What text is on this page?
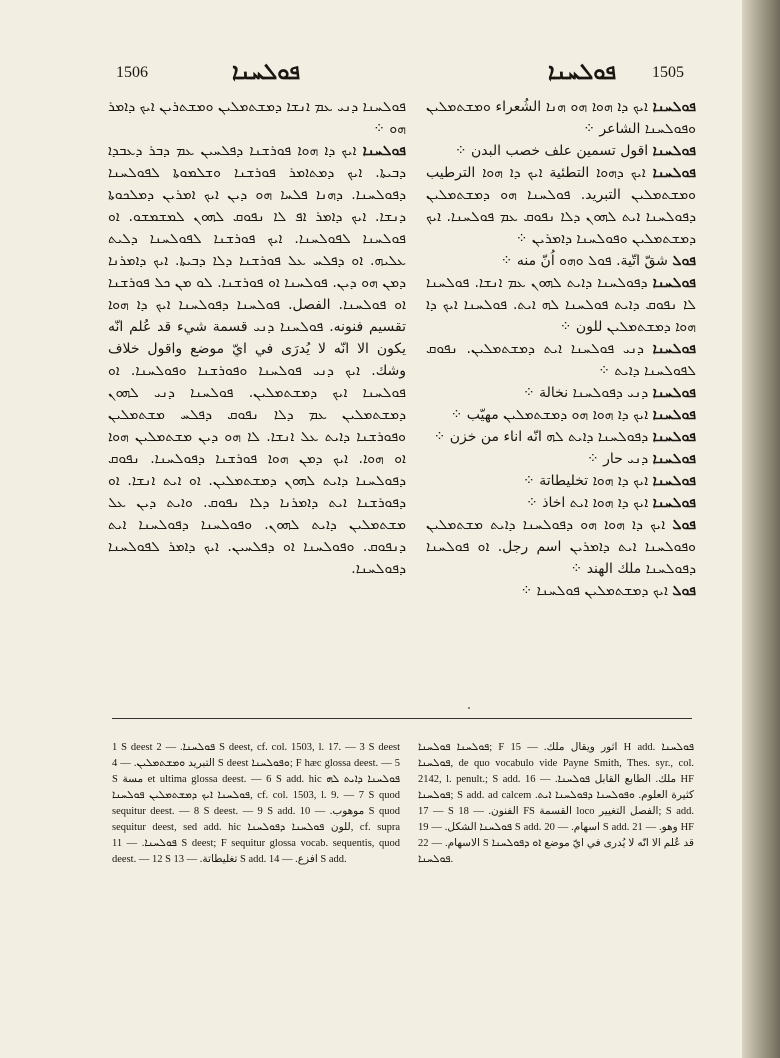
1506	ܦܘܠܚܢܐ	ܦܘܠܚܢܐ 1505

ܦܘܠܚܢܐ ܕܢܝ ܥܡ ܐܢܫܐ ܕܡܫܬܡܠܝܢ ܘܡܫܬܪܝܢ ܐܝܟ ܕܐܡܪ ܗܘ ⁘

ܦܘܠܚܢܐ ܐܝܟ ܕܐ ܗܘܐ ܦܘܪܫܢܐ ܕܦܠܚܝܢ ܥܡ ܕܒܪ ܕܥܒܕܐ ܕܒܝܬܐ. ܐܝܟ ܕܡܬܐܡܪ ܦܘܪܫܢܐ ܘܫܠܡܘܬܐ ܠܦܘܠܚܢܐ ܕܦܘܠܚܢܐ. ܕܗܢܐ ܦܠܚܐ ܗܘ ܕܝܢ ܐܝܟ ܐܡܪܝܢ ܕܡܠܟܘܬܐ ܕܢܫܐ. ܐܝܟ ܕܐܡܪ ܐܦ ܠܐ ܢܦܘܩ ܠܗܘܢ ܠܡܫܡܫܘ. ܐܘ ܦܘܠܚܢܐ ܠܦܘܠܚܢܐ. ܐܝܟ ܦܘܪܫܢܐ ܠܦܘܠܚܢܐ ܕܠܝܬ ܥܠܝܗ. ܐܘ ܕܦܠܚ ܥܠ ܦܘܪܫܢܐ ܕܠܐ ܕܒܝܬܐ. ܐܝܟ ܕܐܡܪܢܐ ܕܡܢ ܗܘ ܕܝܢ. ܦܘܠܚܢܐ ܐܘ ܦܘܪܫܢܐ. ܠܘ ܡܢ ܟܠ ܦܘܪܫܢܐ ܐܘ ܦܘܠܚܢܐ. الفصل. ܦܘܠܚܢܐ ܕܦܘܠܚܢܐ ܐܝܟ ܕܐ ܗܘܐ تقسيم فنونه. ܦܘܠܚܢܐ ܕܢܝ قسمة شيء قد عُلم انّه يكون الا انّه لا يُدرَى في ايّ موضع واقول خلاف وشك. ܐܝܟ ܕܢܝ ܦܘܠܚܢܐ ܘܦܘܪܫܢܐ ܘܦܘܠܚܢܐ. ܐܘ ܦܘܠܚܢܐ ܐܝܟ ܕܡܫܬܡܠܝܢ. ܦܘܠܚܢܐ ܕܢܝ ܠܗܘܢ ܕܡܫܬܡܠܝܢ ܥܡ ܕܠܐ ܢܦܘܩ ܕܦܠܚ ܡܫܬܡܠܝܢ ܘܦܘܪܫܢܐ ܕܐܝܬ ܥܠ ܐܢܫܐ. ܠܐ ܗܘ ܕܝܢ ܡܫܬܡܠܝܢ ܗܘܐ ܐܘ ܗܘܐ. ܐܝܟ ܕܡܢ ܗܘܐ ܦܘܪܫܢܐ ܕܦܘܠܚܢܐ. ܢܦܘܩ ܕܦܘܠܚܢܐ ܕܐܝܬ ܠܗܘܢ ܕܡܫܬܡܠܝܢ. ܐܘ ܐܝܬ ܐܢܫܐ. ܐܘ ܕܦܘܪܫܢܐ ܐܝܬ ܕܐܡܪܢܐ ܕܠܐ ܢܦܘܩ. ܘܐܝܬ ܕܝܢ ܥܠ ܡܫܬܡܠܝܢ ܕܐܝܬ ܠܗܘܢ. ܘܦܘܠܚܢܐ ܕܦܘܠܚܢܐ ܐܝܬ ܕܢܦܘܩ. ܘܦܘܠܚܢܐ ܐܘ ܕܦܠܚܝܢ. ܐܝܟ ܕܐܡܪ ܠܦܘܠܚܢܐ ܕܦܘܠܚܢܐ.

ܦܘܠܚܢܐ ܐܝܟ ܕܐ ܗܘܐ ܗܘ ܗܢܐ الشُعراء ܘܡܫܬܡܠܝܢ ܘܦܘܠܚܢܐ الشاعر ⁘

ܦܘܠܚܢܐ اقول تسمين علف خصب البدن ⁘

ܦܘܠܚܢܐ ܐܝܟ ܕܗܘܐ التطئية ܐܝܟ ܕܐ ܗܘܐ الترطيب ܘܡܫܬܡܠܝܢ التبريد. ܦܘܠܚܢܐ ܗܘ ܕܡܫܬܡܠܝܢ ܕܦܘܠܚܢܐ ܐܝܬ ܠܗܘܢ ܕܠܐ ܢܦܘܩ ܥܡ ܦܘܠܚܢܐ. ܐܝܟ ܕܡܫܬܡܠܝܢ ܘܦܘܠܚܢܐ ܕܐܡܪܝܢ ⁘

ܦܘܠ شقّ اتّية. ܦܘܠ ܘܗܘ اُنّ منه ⁘

ܦܘܠܚܢܐ ܕܦܘܠܚܢܐ ܕܐܝܬ ܠܗܘܢ ܥܡ ܐܢܫܐ. ܦܘܠܚܢܐ ܠܐ ܢܦܘܩ ܕܐܝܬ ܦܘܠܚܢܐ ܠܗ ܐܝܬ. ܦܘܠܚܢܐ ܐܝܟ ܕܐ ܗܘܐ ܕܡܫܬܡܠܝܢ للون ⁘

ܦܘܠܚܢܐ ܕܢܝ ܦܘܠܚܢܐ ܐܝܬ ܕܡܫܬܡܠܝܢ. ܢܦܘܩ ܠܦܘܠܚܢܐ ܕܐܝܬ ⁘

ܦܘܠܚܢܐ ܕܢܝ ܕܦܘܠܚܢܐ نخالة ⁘

ܦܘܠܚܢܐ ܐܝܟ ܕܐ ܗܘܐ ܗܘ ܕܡܫܬܡܠܝܢ مهيّب ⁘

ܦܘܠܚܢܐ ܕܦܘܠܚܢܐ ܕܐܝܬ ܠܗ انّه اناء من خزن ⁘

ܦܘܠܚܢܐ ܕܢܝ حار ⁘

ܦܘܠܚܢܐ ܐܝܟ ܕܐ ܗܘܐ تخليطاتة ⁘

ܦܘܠܚܢܐ ܐܝܟ ܕܐ ܗܘܐ ܐܝܬ اخاذ ⁘

ܦܘܠ ܐܝܟ ܕܐ ܗܘܐ ܗܘ ܕܦܘܠܚܢܐ ܕܐܝܬ ܡܫܬܡܠܝܢ ܘܦܘܠܚܢܐ ܐܝܬ ܕܐܡܪܝܢ اسم رجل. ܐܘ ܦܘܠܚܢܐ ܕܦܘܠܚܢܐ ملك الهند ⁘

ܦܘܠ ܐܝܟ ܕܡܫܬܡܠܝܢ ܦܘܠܚܢܐ ⁘

1 S deest ܦܘܠܚܢܐ. — 2 S deest, cf. col. 1503, l. 17. — 3 S deest التبريد ܘܡܫܬܡܠܝܢ. — 4 S deest ܘܦܘܠܚܢܐ; F hæc glossa deest. — 5 S مسة et ultima glossa deest. — 6 S add. hic ܦܘܠܚܢܐ ܕܐܝܬ ܠܗ ܦܘܠܚܢܐ ܐܝܟ ܕܡܫܬܡܠܝܢ ܦܘܠܚܢܐ, cf. col. 1503, l. 9. — 7 S quod sequitur deest. — 8 S deest. — 9 S add. موهوب. — 10 S quod sequitur deest, sed add. hic للون ܦܘܠܚܢܐ ܕܦܘܠܚܢܐ, cf. supra ܦܘܠܚܢܐ. — 11 S deest; F sequitur glossa vocab. sequentis, quod deest. — 12 S تغليطاتة. — 13 S add. افزع. — 14 S add.

ܦܘܠܚܢܐ ܦܘܠܚܢܐ; F اثور ويقال ملك. — 15 H add. ܦܘܠܚܢܐ ܦܘܠܚܢܐ, de quo vocabulo vide Payne Smith, Thes. syr., col. 2142, l. penult.; S add. ملك. الطابع القابل ܦܘܠܚܢܐ. — 16 HF ܦܘܠܚܢܐ; S add. ad calcem كثيرة العلوم. ܘܦܘܠܚܢܐ ܕܦܘܠܚܢܐ ܐܝܬ. — 17 S الفنون. — 18 FS القسمة loco الفصل التغيير; S add. ܦܘܠܚܢܐ الشكل. — 19 S add. اسهام. — 20 S add. وهو. — 21 HF الاسهام. — 22 S قد عُلم الا انّه لا يُدرى في ايّ موضع ܐܘ ܕܦܘܠܚܢܐ ܦܘܠܚܢܐ.
